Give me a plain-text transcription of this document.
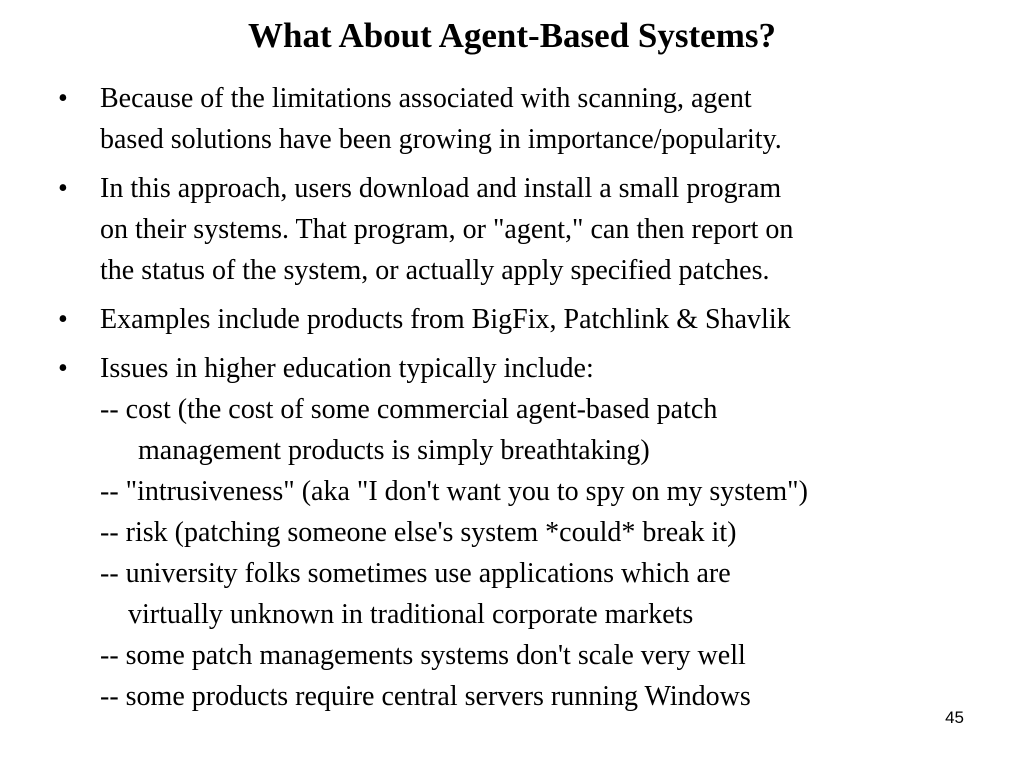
What About Agent-Based Systems?
• Because of the limitations associated with scanning, agent
based solutions have been growing in importance/popularity.
• In this approach, users download and install a small program
on their systems. That program, or "agent," can then report on
the status of the system, or actually apply specified patches.
• Examples include products from BigFix, Patchlink & Shavlik
• Issues in higher education typically include:
-- cost (the cost of some commercial agent-based patch
management products is simply breathtaking)
-- "intrusiveness" (aka "I don't want you to spy on my system")
-- risk (patching someone else's system *could* break it)
-- university folks sometimes use applications which are
virtually unknown in traditional corporate markets
-- some patch managements systems don't scale very well
-- some products require central servers running Windows
45
